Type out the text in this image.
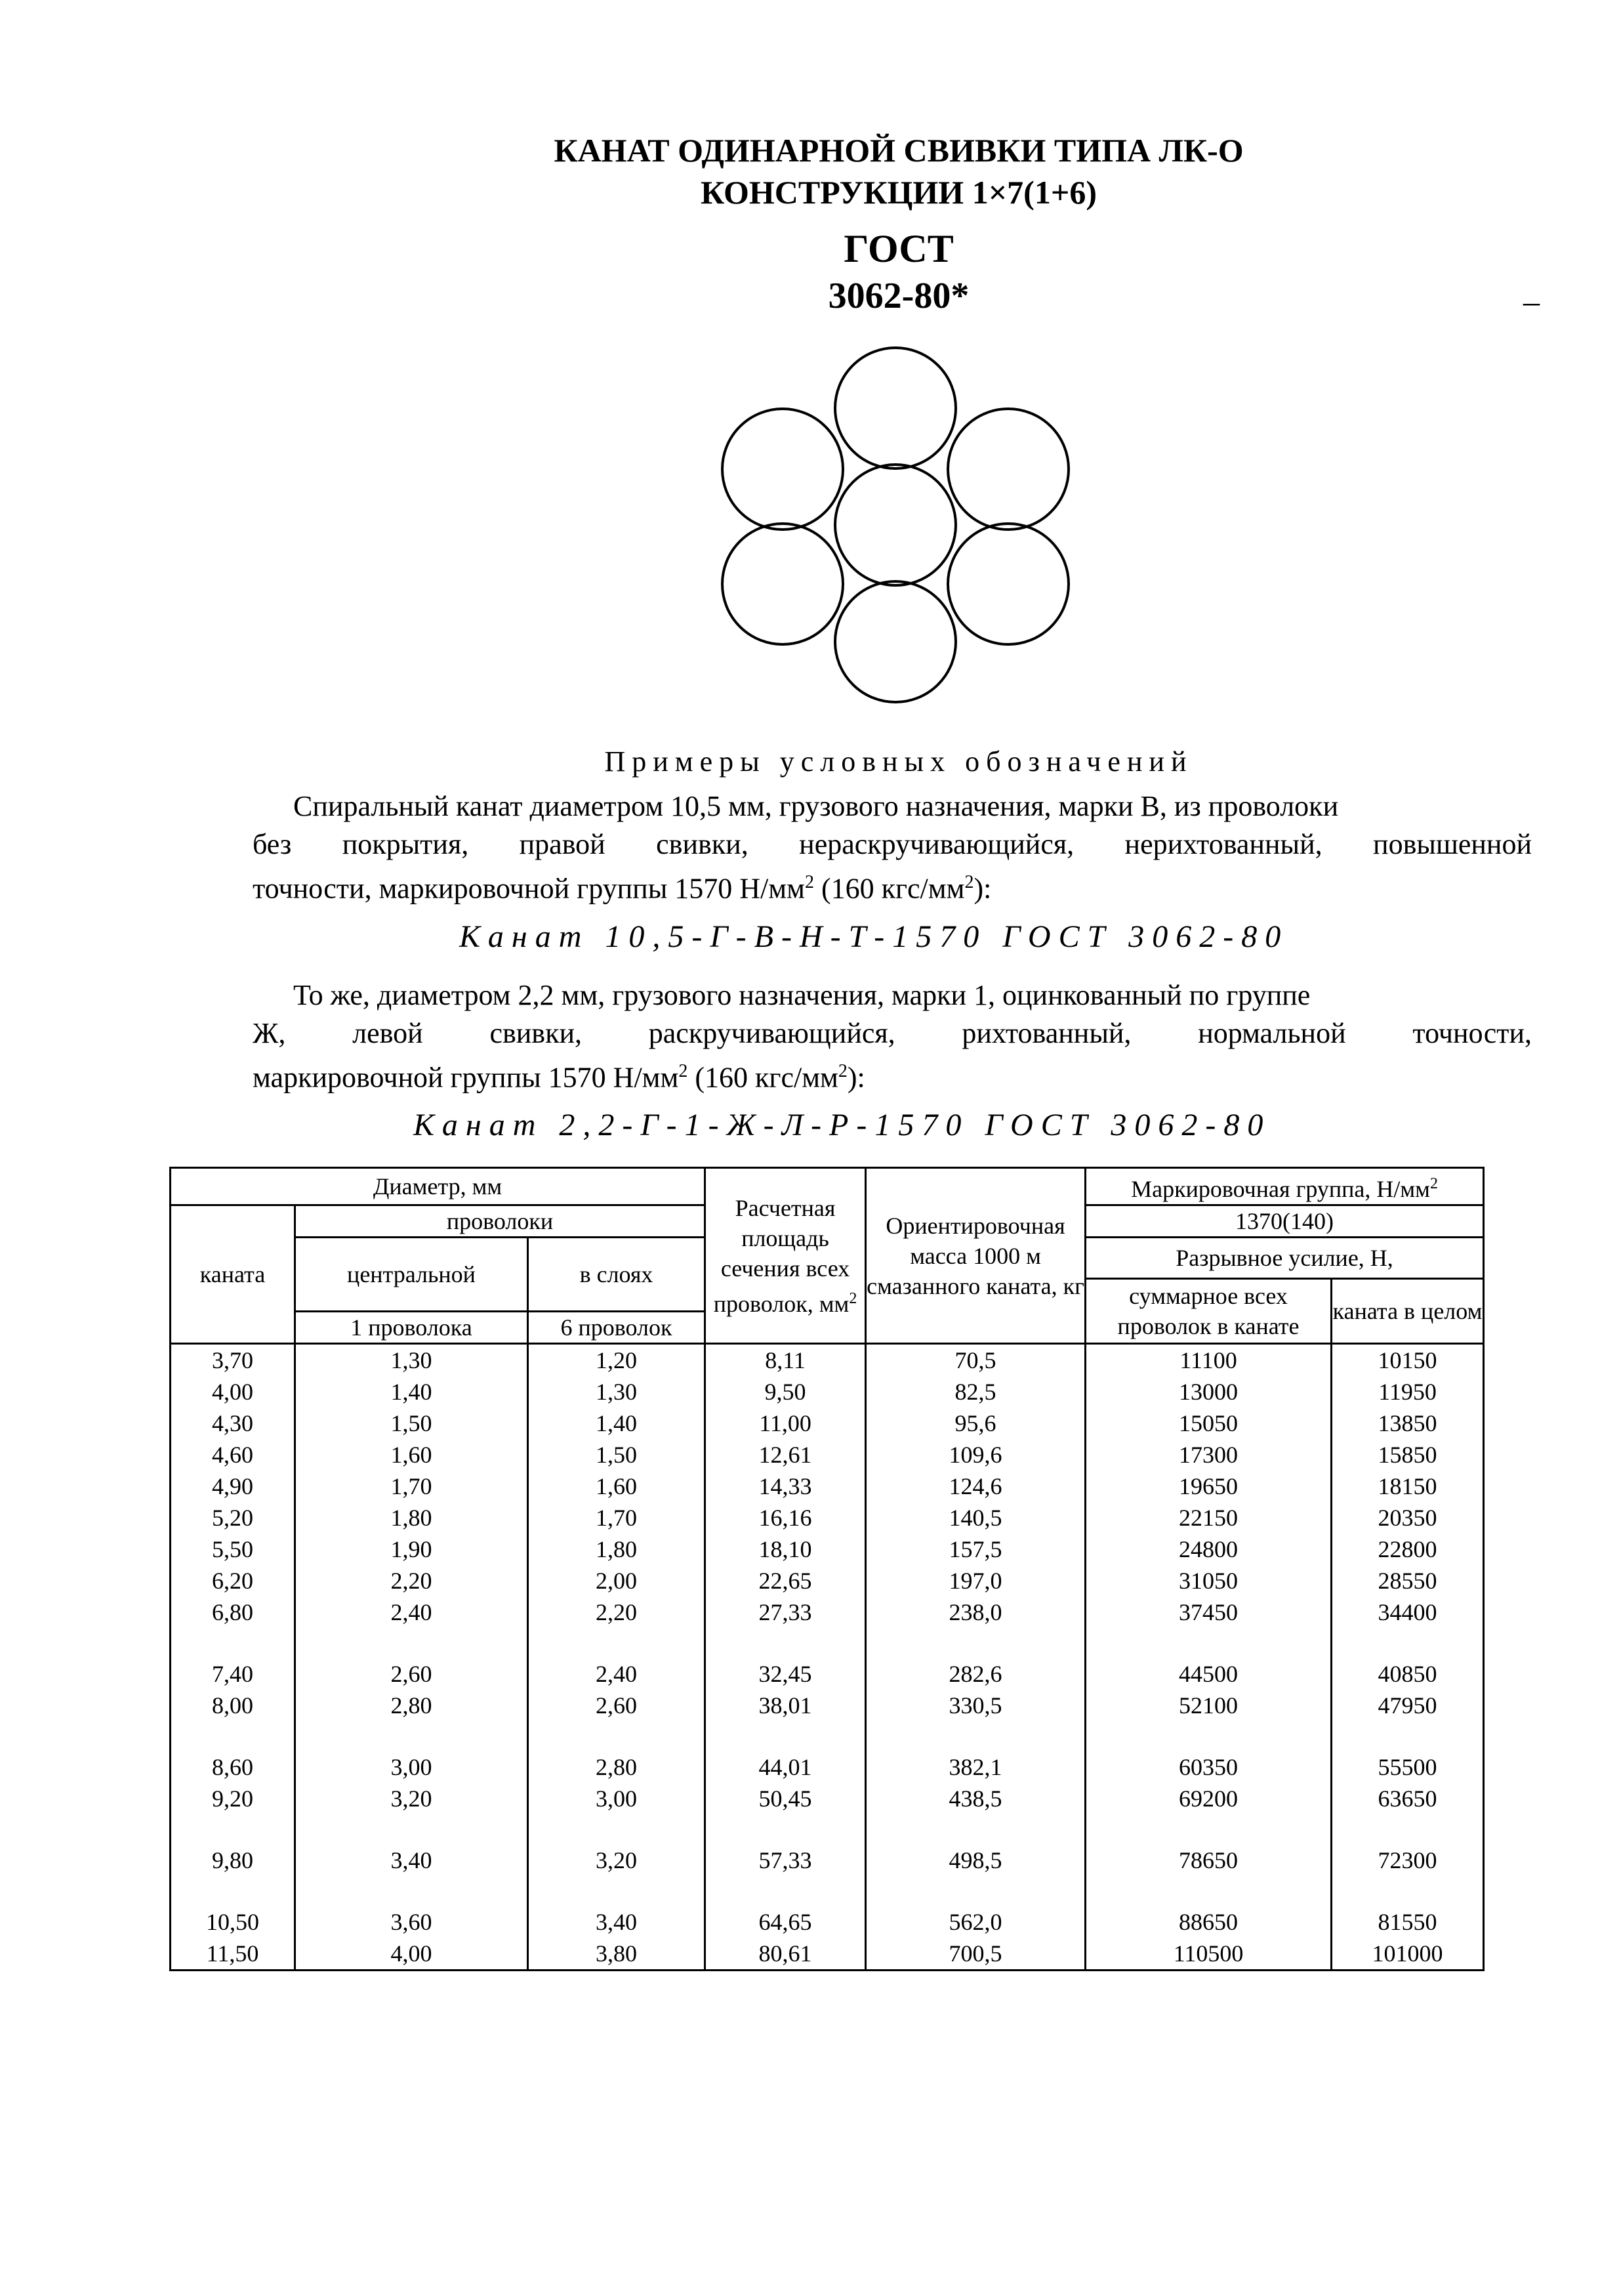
КАНАТ ОДИНАРНОЙ СВИВКИ ТИПА ЛК-О
КОНСТРУКЦИИ 1×7(1+6)
ГОСТ
3062-80*	–
Примеры условных обозначений
Спиральный канат диаметром 10,5 мм, грузового назначения, марки В, из проволоки
без покрытия, правой свивки, нераскручивающийся, нерихтованный, повышенной
точности, маркировочной группы 1570 $Н/мм^2$ (160 кгс/$мм^2$):
Канат 10,5-Г-В-Н-Т-1570 ГОСТ 3062-80
То же, диаметром 2,2 мм, грузового назначения, марки 1, оцинкованный по группе
Ж, левой свивки, раскручивающийся, рихтованный, нормальной точности,
маркировочной группы 1570 $Н/мм^2$ (160 кгс/$мм^2$):
Канат 2,2-Г-1-Ж-Л-Р-1570 ГОСТ 3062-80
Диаметр, мм			Расчетная площадь сечения всех проволок, $мм^2$	Ориентировочная масса 1000 м смазанного каната, кг	Маркировочная группа, $Н/мм^2$
каната	проволоки				1370(140)	
	центральной	в слоях			Разрывное усилие, Н,	
					суммарное всех проволок в канате	каната в целом
	1 проволока	6 проволок				
3,70	1,30	1,20	8,11	70,5	11100	10150
4,00	1,40	1,30	9,50	82,5	13000	11950
4,30	1,50	1,40	11,00	95,6	15050	13850
4,60	1,60	1,50	12,61	109,6	17300	15850
4,90	1,70	1,60	14,33	124,6	19650	18150
5,20	1,80	1,70	16,16	140,5	22150	20350
5,50	1,90	1,80	18,10	157,5	24800	22800
6,20	2,20	2,00	22,65	197,0	31050	28550
6,80	2,40	2,20	27,33	238,0	37450	34400
7,40	2,60	2,40	32,45	282,6	44500	40850
8,00	2,80	2,60	38,01	330,5	52100	47950
8,60	3,00	2,80	44,01	382,1	60350	55500
9,20	3,20	3,00	50,45	438,5	69200	63650
9,80	3,40	3,20	57,33	498,5	78650	72300
10,50	3,60	3,40	64,65	562,0	88650	81550
11,50	4,00	3,80	80,61	700,5	110500	101000
